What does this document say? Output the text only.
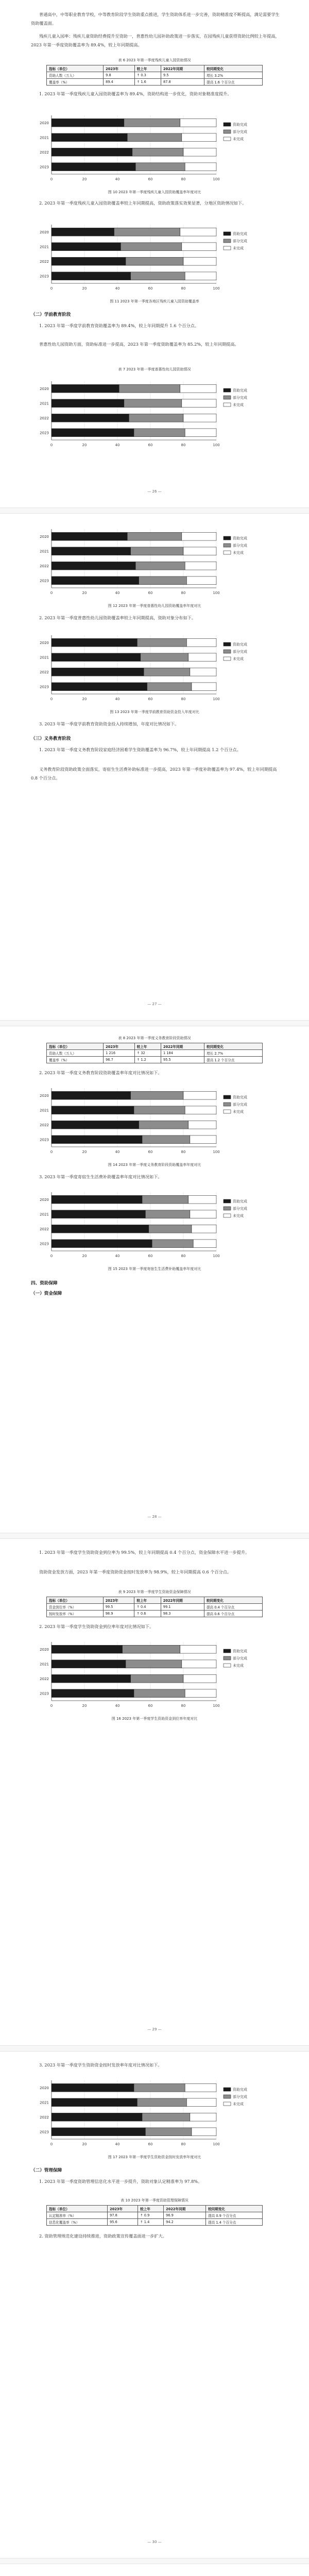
普通高中，中等职业教育学校，中等教育阶段学生资助重点推进，学生资助体系进一步完善，资助精准度不断提高，满足需要学生资助覆盖面。
残疾儿童入园率：残疾儿童资助经费提升至资助一，普惠性幼儿园补助政策进一步落实，在园残疾儿童获得资助比例较上年提高，2023 年第一季度资助覆盖率为 89.4%，较上年同期提高。
表 6 2023 年第一季度残疾儿童入园资助情况
指标（单位）	2023年	较上年	2022年同期	较同期变化
资助人数（万人）	9.8	↑ 0.3	9.5	增长 3.2%
覆盖率（%）	89.4	↑ 1.6	87.8	提高 1.6 个百分点
1. 2023 年第一季度残疾儿童入园资助覆盖率为 89.4%，资助结构进一步优化，资助对象精准度提升。
0	20	40	60	80	100
2020
2021
2022
2023
资助完成
部分完成
未完成
图 10 2023 年第一季度残疾儿童入园资助覆盖率年度对比
2. 2023 年第一季度残疾儿童入园资助覆盖率较上年同期提高，资助政策落实效果显著，分地区资助情况如下。
0	20	40	60	80	100
2020
2021
2022
2023
资助完成
部分完成
未完成
图 11 2023 年第一季度各地区残疾儿童入园资助覆盖率
（二）学前教育阶段
1. 2023 年第一季度学前教育资助覆盖率为 89.4%，较上年同期提升 1.6 个百分点。
普惠性幼儿园资助方面，资助标准进一步提高，2023 年第一季度资助覆盖率为 85.2%，较上年同期提高。
表 7 2023 年第一季度普惠性幼儿园资助情况
0	20	40	60	80	100
2020
2021
2022
2023
资助完成
部分完成
未完成
— 26 —
0	20	40	60	80	100
2020
2021
2022
2023
资助完成
部分完成
未完成
图 12 2023 年第一季度普惠性幼儿园资助覆盖率年度对比
2. 2023 年第一季度普惠性幼儿园资助覆盖率较上年同期提高，资助对象分布如下。
0	20	40	60	80	100
2020
2021
2022
2023
资助完成
部分完成
未完成
图 13 2023 年第一季度学前教育资助资金投入年度对比
3. 2023 年第一季度学前教育资助资金投入持续增加，年度对比情况如下。
（三）义务教育阶段
1. 2023 年第一季度义务教育阶段家庭经济困难学生资助覆盖率为 96.7%，较上年同期提高 1.2 个百分点。
义务教育阶段资助政策全面落实，寄宿生生活费补助标准进一步提高，2023 年第一季度补助覆盖率为 97.4%，较上年同期提高 0.8 个百分点。
— 27 —
表 8 2023 年第一季度义务教育阶段资助情况
指标（单位）	2023年	较上年	2022年同期	较同期变化
资助人数（万人）	1 216	↑ 32	1 184	增长 2.7%
覆盖率（%）	96.7	↑ 1.2	95.5	提高 1.2 个百分点
2. 2023 年第一季度义务教育阶段资助覆盖率年度对比情况如下。
0	20	40	60	80	100
2020
2021
2022
2023
资助完成
部分完成
未完成
图 14 2023 年第一季度义务教育阶段资助覆盖率年度对比
3. 2023 年第一季度寄宿生生活费补助覆盖率年度对比情况如下。
0	20	40	60	80	100
2020
2021
2022
2023
资助完成
部分完成
未完成
图 15 2023 年第一季度寄宿生生活费补助覆盖率年度对比
四、资助保障
（一）资金保障
— 28 —
1. 2023 年第一季度学生资助资金到位率为 99.5%，较上年同期提高 0.4 个百分点，资金保障水平进一步提升。
资助资金发放方面，2023 年第一季度资助资金按时发放率为 98.9%，较上年同期提高 0.6 个百分点。
表 9 2023 年第一季度学生资助资金保障情况
指标（单位）	2023年	较上年	2022年同期	较同期变化
资金到位率（%）	99.5	↑ 0.4	99.1	提高 0.4 个百分点
按时发放率（%）	98.9	↑ 0.6	98.3	提高 0.6 个百分点
2. 2023 年第一季度学生资助资金到位率年度对比情况如下。
0	20	40	60	80	100
2020
2021
2022
2023
资助完成
部分完成
未完成
图 16 2023 年第一季度学生资助资金到位率年度对比
— 29 —
3. 2023 年第一季度学生资助资金按时发放率年度对比情况如下。
0	20	40	60	80	100
2020
2021
2022
2023
资助完成
部分完成
未完成
图 17 2023 年第一季度学生资助资金按时发放率年度对比
（二）管理保障
1. 2023 年第一季度资助管理信息化水平进一步提升，资助对象认定精准率为 97.8%。
表 10 2023 年第一季度资助管理保障情况
指标（单位）	2023年	较上年	2022年同期	较同期变化
认定精准率（%）	97.8	↑ 0.9	96.9	提高 0.9 个百分点
信息化覆盖率（%）	95.6	↑ 1.4	94.2	提高 1.4 个百分点
2. 资助管理规范化建设持续推进，资助政策宣传覆盖面进一步扩大。
— 30 —
